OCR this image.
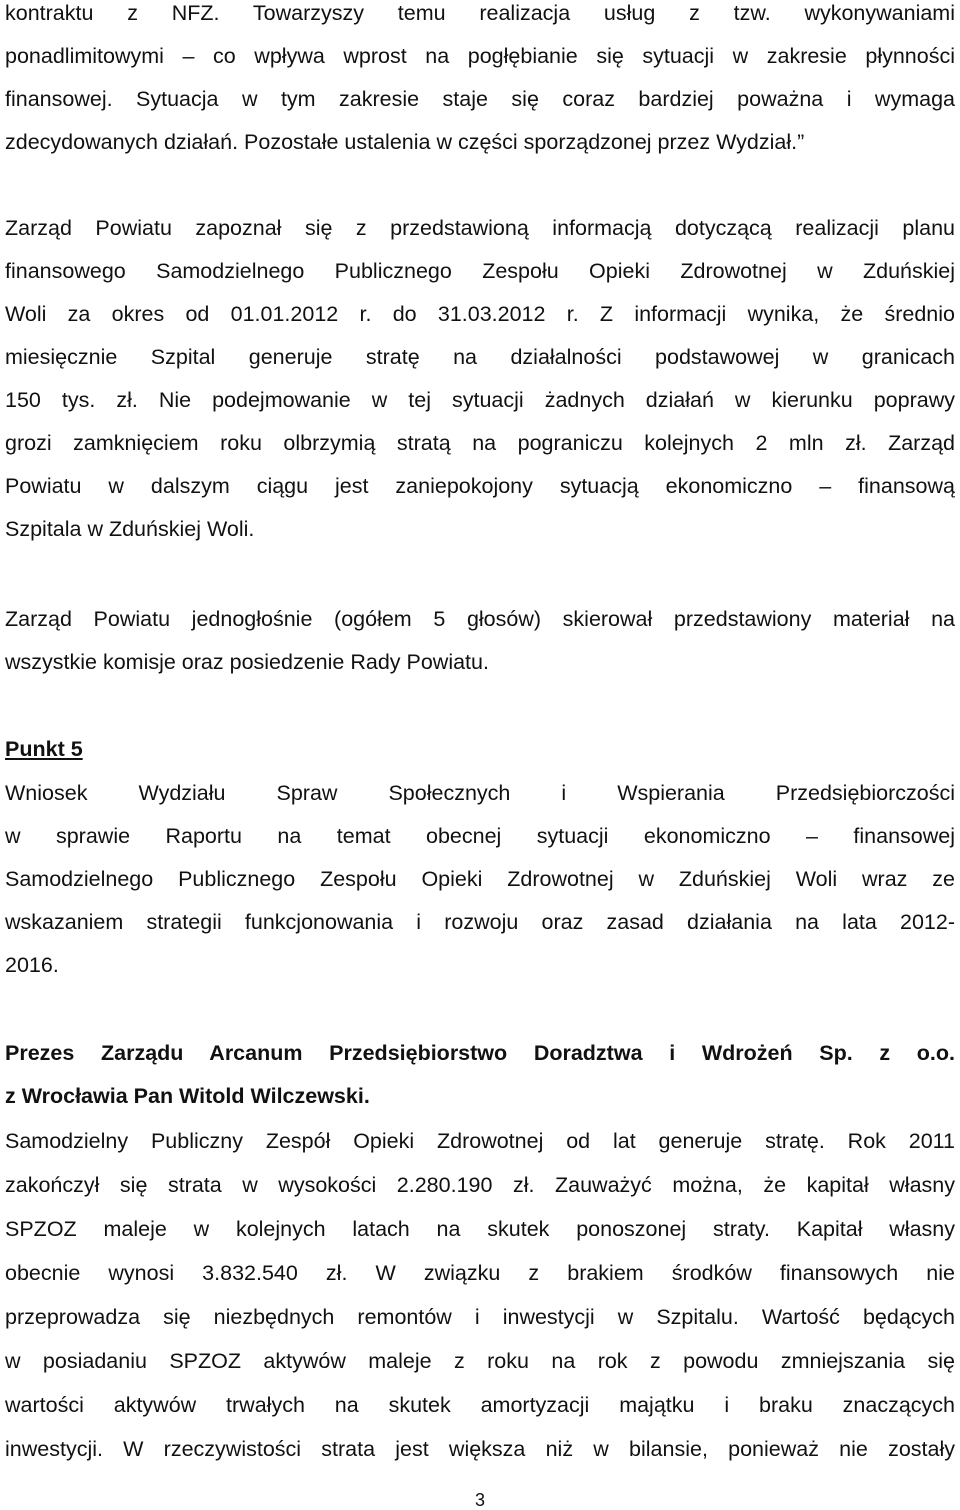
kontraktu z NFZ. Towarzyszy temu realizacja usług z tzw. wykonywaniami
ponadlimitowymi – co wpływa wprost na pogłębianie się sytuacji w zakresie płynności
finansowej. Sytuacja w tym zakresie staje się coraz bardziej poważna i wymaga
zdecydowanych działań. Pozostałe ustalenia w części sporządzonej przez Wydział.”
Zarząd Powiatu zapoznał się z przedstawioną informacją dotyczącą realizacji planu
finansowego Samodzielnego Publicznego Zespołu Opieki Zdrowotnej w Zduńskiej
Woli za okres od 01.01.2012 r. do 31.03.2012 r. Z informacji wynika, że średnio
miesięcznie Szpital generuje stratę na działalności podstawowej w granicach
150 tys. zł. Nie podejmowanie w tej sytuacji żadnych działań w kierunku poprawy
grozi zamknięciem roku olbrzymią stratą na pograniczu kolejnych 2 mln zł. Zarząd
Powiatu w dalszym ciągu jest zaniepokojony sytuacją ekonomiczno – finansową
Szpitala w Zduńskiej Woli.
Zarząd Powiatu jednogłośnie (ogółem 5 głosów) skierował przedstawiony materiał na
wszystkie komisje oraz posiedzenie Rady Powiatu.
Punkt 5
Wniosek Wydziału Spraw Społecznych i Wspierania Przedsiębiorczości
w sprawie Raportu na temat obecnej sytuacji ekonomiczno – finansowej
Samodzielnego Publicznego Zespołu Opieki Zdrowotnej w Zduńskiej Woli wraz ze
wskazaniem strategii funkcjonowania i rozwoju oraz zasad działania na lata 2012-
2016.
Prezes Zarządu Arcanum Przedsiębiorstwo Doradztwa i Wdrożeń Sp. z o.o.
z Wrocławia Pan Witold Wilczewski.
Samodzielny Publiczny Zespół Opieki Zdrowotnej od lat generuje stratę. Rok 2011
zakończył się strata w wysokości 2.280.190 zł. Zauważyć można, że kapitał własny
SPZOZ maleje w kolejnych latach na skutek ponoszonej straty. Kapitał własny
obecnie wynosi 3.832.540 zł. W związku z brakiem środków finansowych nie
przeprowadza się niezbędnych remontów i inwestycji w Szpitalu. Wartość będących
w posiadaniu SPZOZ aktywów maleje z roku na rok z powodu zmniejszania się
wartości aktywów trwałych na skutek amortyzacji majątku i braku znaczących
inwestycji. W rzeczywistości strata jest większa niż w bilansie, ponieważ nie zostały
3
